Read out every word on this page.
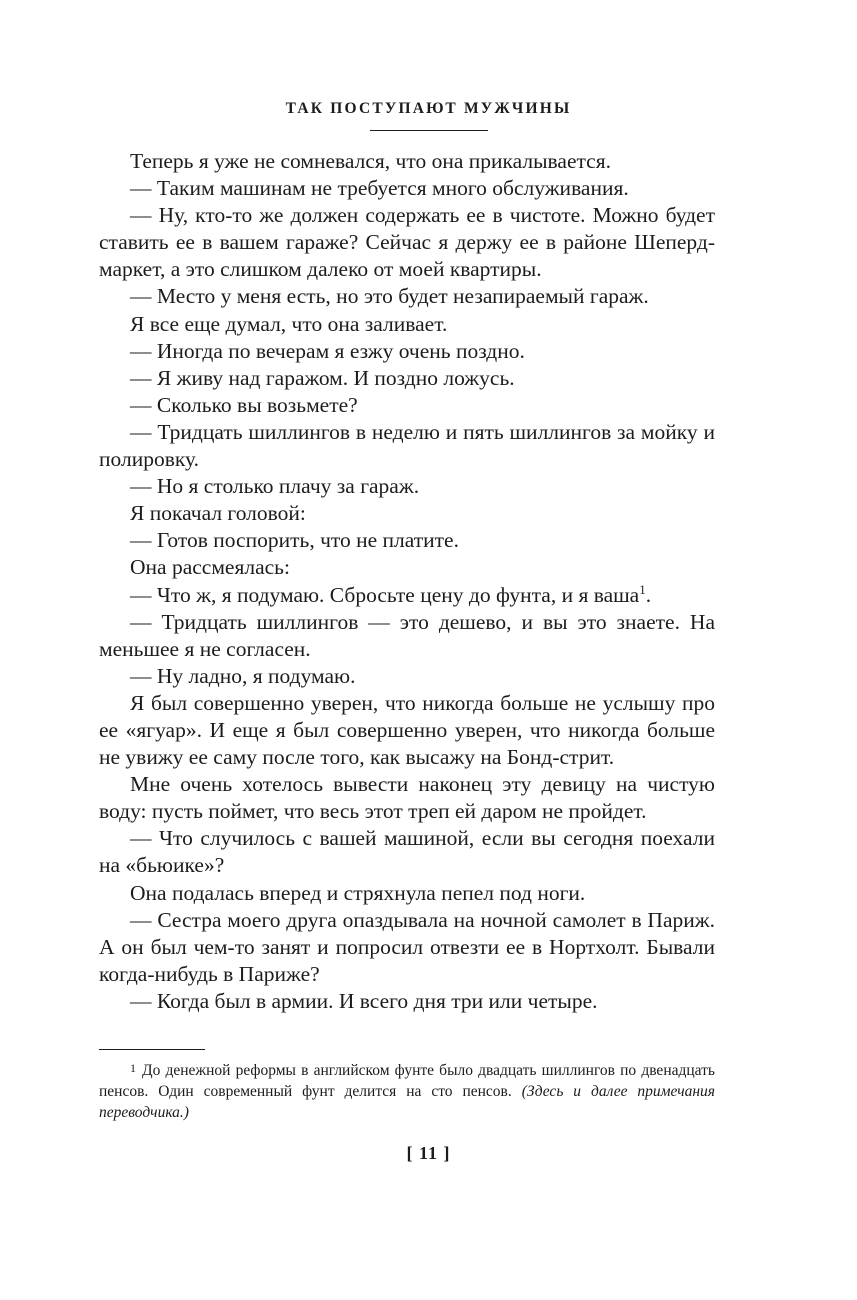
ТАК ПОСТУПАЮТ МУЖЧИНЫ

Теперь я уже не сомневался, что она прикалывается.

— Таким машинам не требуется много обслуживания.

— Ну, кто-то же должен содержать ее в чистоте. Можно будет ставить ее в вашем гараже? Сейчас я держу ее в районе Шеперд-маркет, а это слишком далеко от моей квартиры.

— Место у меня есть, но это будет незапираемый гараж.

Я все еще думал, что она заливает.

— Иногда по вечерам я езжу очень поздно.

— Я живу над гаражом. И поздно ложусь.

— Сколько вы возьмете?

— Тридцать шиллингов в неделю и пять шиллингов за мойку и полировку.

— Но я столько плачу за гараж.

Я покачал головой:

— Готов поспорить, что не платите.

Она рассмеялась:

— Что ж, я подумаю. Сбросьте цену до фунта, и я ваша$^1$.

— Тридцать шиллингов — это дешево, и вы это знаете. На меньшее я не согласен.

— Ну ладно, я подумаю.

Я был совершенно уверен, что никогда больше не услышу про ее «ягуар». И еще я был совершенно уверен, что никогда больше не увижу ее саму после того, как высажу на Бонд-стрит.

Мне очень хотелось вывести наконец эту девицу на чистую воду: пусть поймет, что весь этот треп ей даром не пройдет.

— Что случилось с вашей машиной, если вы сегодня поехали на «бьюике»?

Она подалась вперед и стряхнула пепел под ноги.

— Сестра моего друга опаздывала на ночной самолет в Париж. А он был чем-то занят и попросил отвезти ее в Нортхолт. Бывали когда-нибудь в Париже?

— Когда был в армии. И всего дня три или четыре.

1 До денежной реформы в английском фунте было двадцать шиллингов по двенадцать пенсов. Один современный фунт делится на сто пенсов. (Здесь и далее примечания переводчика.)

[ 11 ]
